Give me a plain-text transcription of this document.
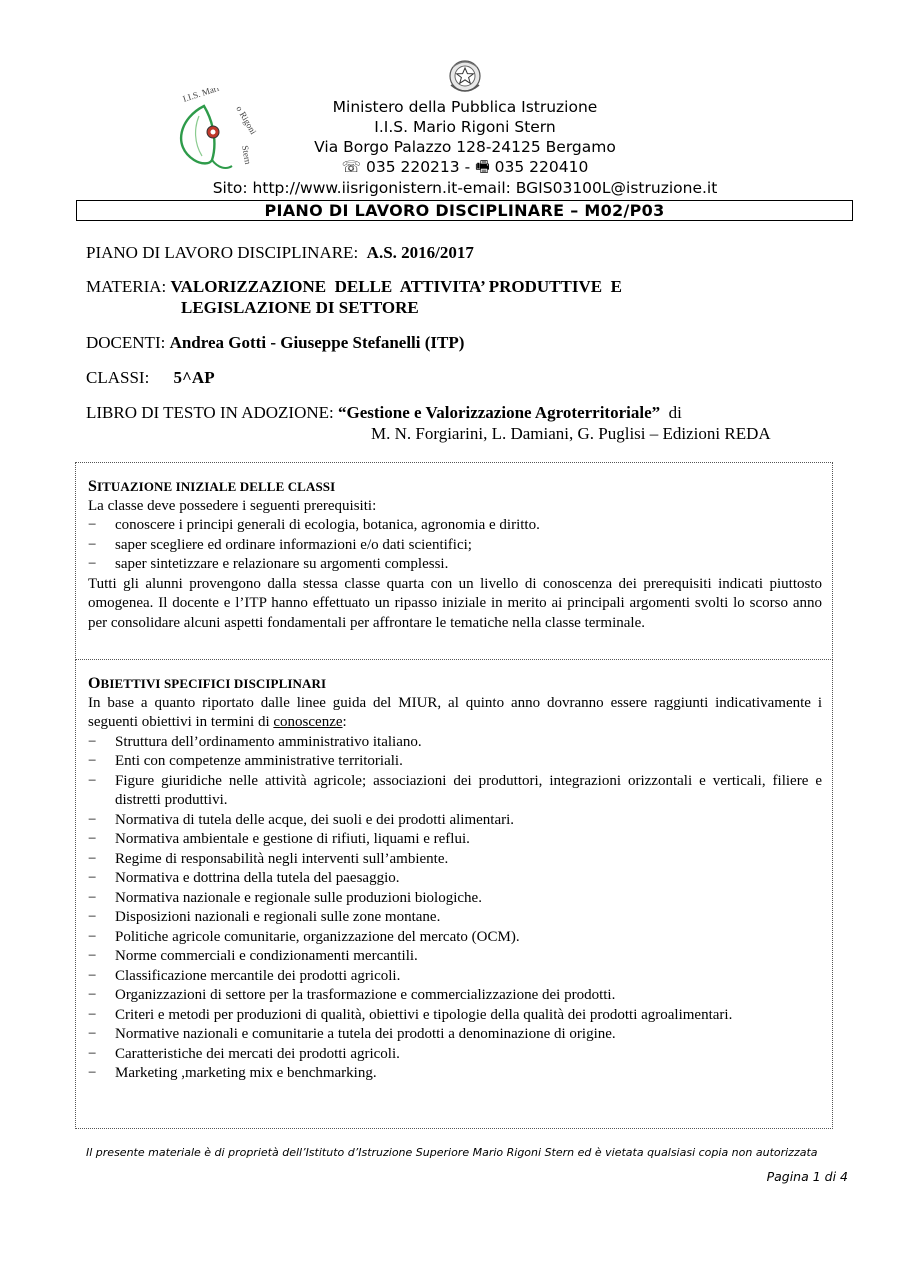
I.I.S. Mari
o Rigoni
Stern
Ministero della Pubblica Istruzione
I.I.S. Mario Rigoni Stern
Via Borgo Palazzo 128-24125 Bergamo
☏ 035 220213 - 🖷 035 220410
Sito: http://www.iisrigonistern.it-email: BGIS03100L@istruzione.it
PIANO DI LAVORO DISCIPLINARE – M02/P03
PIANO DI LAVORO DISCIPLINARE: A.S. 2016/2017
MATERIA: VALORIZZAZIONE  DELLE  ATTIVITA’ PRODUTTIVE  E
LEGISLAZIONE DI SETTORE
DOCENTI: Andrea Gotti - Giuseppe Stefanelli (ITP)
CLASSI: 5^AP
LIBRO DI TESTO IN ADOZIONE: “Gestione e Valorizzazione Agroterritoriale” di
M. N. Forgiarini, L. Damiani, G. Puglisi – Edizioni REDA
SITUAZIONE INIZIALE DELLE CLASSI
La classe deve possedere i seguenti prerequisiti:
− conoscere i principi generali di ecologia, botanica, agronomia e diritto.
− saper scegliere ed ordinare informazioni e/o dati scientifici;
− saper sintetizzare e relazionare su argomenti complessi.
Tutti gli alunni provengono dalla stessa classe quarta con un livello di conoscenza dei prerequisiti indicati piuttosto omogenea. Il docente e l’ITP hanno effettuato un ripasso iniziale in merito ai principali argomenti svolti lo scorso anno per consolidare alcuni aspetti fondamentali per affrontare le tematiche nella classe terminale.
OBIETTIVI SPECIFICI DISCIPLINARI
In base a quanto riportato dalle linee guida del MIUR, al quinto anno dovranno essere raggiunti indicativamente i seguenti obiettivi in termini di conoscenze:
− Struttura dell’ordinamento amministrativo italiano.
− Enti con competenze amministrative territoriali.
− Figure giuridiche nelle attività agricole; associazioni dei produttori, integrazioni orizzontali e verticali, filiere e distretti produttivi.
− Normativa di tutela delle acque, dei suoli e dei prodotti alimentari.
− Normativa ambientale e gestione di rifiuti, liquami e reflui.
− Regime di responsabilità negli interventi sull’ambiente.
− Normativa e dottrina della tutela del paesaggio.
− Normativa nazionale e regionale sulle produzioni biologiche.
− Disposizioni nazionali e regionali sulle zone montane.
− Politiche agricole comunitarie, organizzazione del mercato (OCM).
− Norme commerciali e condizionamenti mercantili.
− Classificazione mercantile dei prodotti agricoli.
− Organizzazioni di settore per la trasformazione e commercializzazione dei prodotti.
− Criteri e metodi per produzioni di qualità, obiettivi e tipologie della qualità dei prodotti agroalimentari.
− Normative nazionali e comunitarie a tutela dei prodotti a denominazione di origine.
− Caratteristiche dei mercati dei prodotti agricoli.
− Marketing ,marketing mix e benchmarking.
Il presente materiale è di proprietà dell’Istituto d’Istruzione Superiore Mario Rigoni Stern ed è vietata qualsiasi copia non autorizzata
Pagina 1 di 4
